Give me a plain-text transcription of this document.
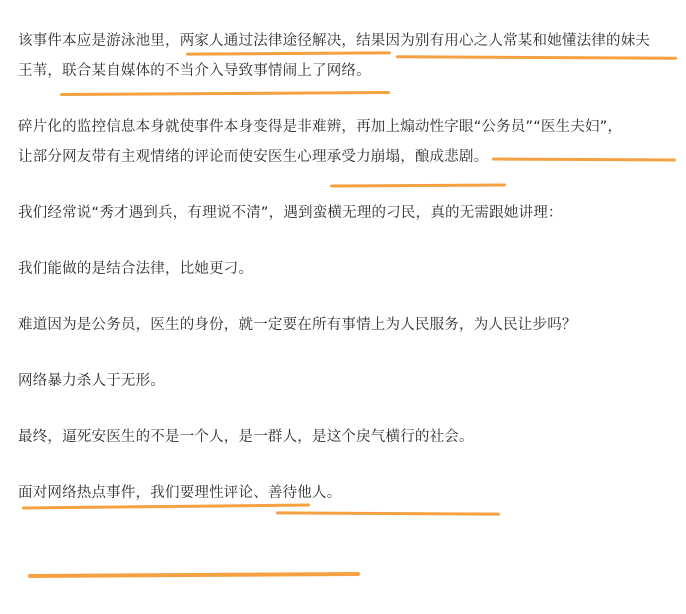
该事件本应是游泳池里，两家人通过法律途径解决，结果因为别有用心之人常某和她懂法律的妹夫
王苇，联合某自媒体的不当介入导致事情闹上了网络。

碎片化的监控信息本身就使事件本身变得是非难辨，再加上煽动性字眼“公务员”“医生夫妇”，
让部分网友带有主观情绪的评论而使安医生心理承受力崩塌，酿成悲剧。

我们经常说“秀才遇到兵，有理说不清”，遇到蛮横无理的刁民，真的无需跟她讲理：

我们能做的是结合法律，比她更刁。

难道因为是公务员，医生的身份，就一定要在所有事情上为人民服务，为人民让步吗？

网络暴力杀人于无形。

最终，逼死安医生的不是一个人，是一群人，是这个戾气横行的社会。

面对网络热点事件，我们要理性评论、善待他人。
